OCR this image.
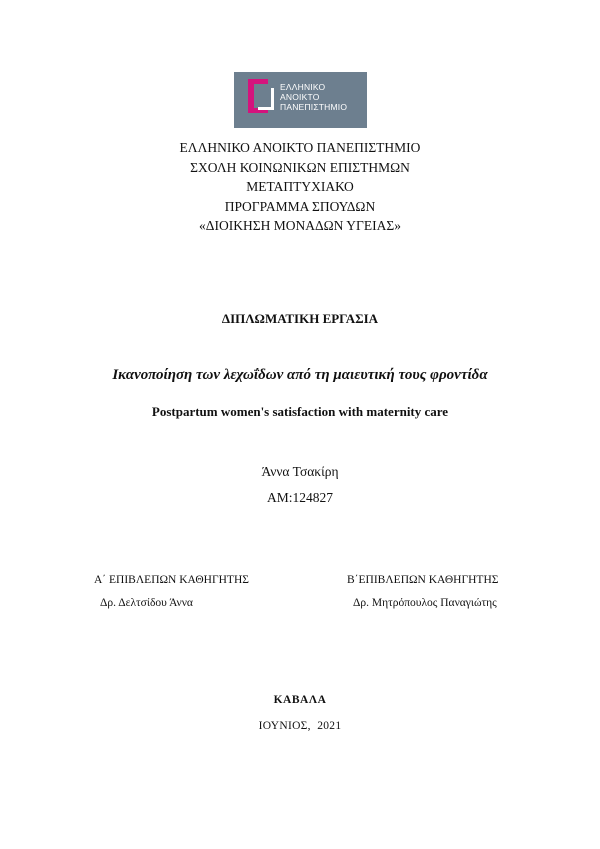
ΕΛΛΗΝΙΚΟ
ΑΝΟΙΚΤΟ
ΠΑΝΕΠΙΣΤΗΜΙΟ
ΕΛΛΗΝΙΚΟ ΑΝΟΙΚΤΟ ΠΑΝΕΠΙΣΤΗΜΙΟ
ΣΧΟΛΗ ΚΟΙΝΩΝΙΚΩΝ ΕΠΙΣΤΗΜΩΝ
ΜΕΤΑΠΤΥΧΙΑΚΟ
ΠΡΟΓΡΑΜΜΑ ΣΠΟΥΔΩΝ
«ΔΙΟΙΚΗΣΗ ΜΟΝΑΔΩΝ ΥΓΕΙΑΣ»
ΔΙΠΛΩΜΑΤΙΚΗ ΕΡΓΑΣΙΑ
Ικανοποίηση των λεχωΐδων από τη μαιευτική τους φροντίδα
Postpartum women's satisfaction with maternity care
Άννα Τσακίρη
ΑΜ:124827
Α΄ ΕΠΙΒΛΕΠΩΝ ΚΑΘΗΓΗΤΗΣ
Δρ. Δελτσίδου Άννα
Β΄ΕΠΙΒΛΕΠΩΝ ΚΑΘΗΓΗΤΗΣ
Δρ. Μητρόπουλος Παναγιώτης
ΚΑΒΑΛΑ
ΙΟΥΝΙΟΣ,  2021
